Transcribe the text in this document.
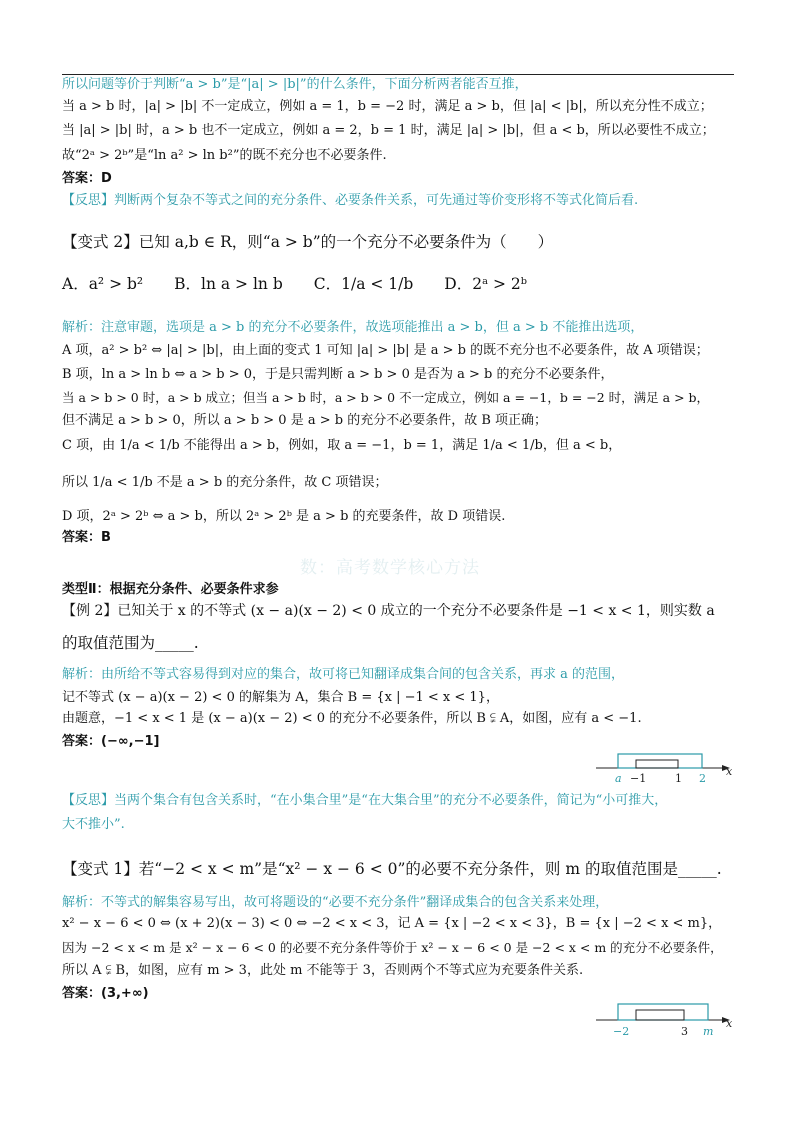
数：高考数学核心方法
所以问题等价于判断“a > b”是“|a| > |b|”的什么条件，下面分析两者能否互推，
当 a > b 时，|a| > |b| 不一定成立，例如 a = 1，b = −2 时，满足 a > b，但 |a| < |b|，所以充分性不成立；
当 |a| > |b| 时，a > b 也不一定成立，例如 a = 2，b = 1 时，满足 |a| > |b|，但 a < b，所以必要性不成立；
故“2ᵃ > 2ᵇ”是“ln a² > ln b²”的既不充分也不必要条件.
答案：D
【反思】判断两个复杂不等式之间的充分条件、必要条件关系，可先通过等价变形将不等式化简后看.
【变式 2】已知 a,b ∈ R，则“a > b”的一个充分不必要条件为（　　）
A．a² > b²　　B．ln a > ln b　　C．1/a < 1/b　　D．2ᵃ > 2ᵇ
解析：注意审题，选项是 a > b 的充分不必要条件，故选项能推出 a > b，但 a > b 不能推出选项，
A 项，a² > b² ⇔ |a| > |b|，由上面的变式 1 可知 |a| > |b| 是 a > b 的既不充分也不必要条件，故 A 项错误；
B 项，ln a > ln b ⇔ a > b > 0，于是只需判断 a > b > 0 是否为 a > b 的充分不必要条件，
当 a > b > 0 时，a > b 成立；但当 a > b 时，a > b > 0 不一定成立，例如 a = −1，b = −2 时，满足 a > b，
但不满足 a > b > 0，所以 a > b > 0 是 a > b 的充分不必要条件，故 B 项正确；
C 项，由 1/a < 1/b 不能得出 a > b，例如，取 a = −1，b = 1，满足 1/a < 1/b，但 a < b，
所以 1/a < 1/b 不是 a > b 的充分条件，故 C 项错误；
D 项，2ᵃ > 2ᵇ ⇔ a > b，所以 2ᵃ > 2ᵇ 是 a > b 的充要条件，故 D 项错误.
答案：B
类型Ⅱ：根据充分条件、必要条件求参
【例 2】已知关于 x 的不等式 (x − a)(x − 2) < 0 成立的一个充分不必要条件是 −1 < x < 1，则实数 a
的取值范围为_____.
解析：由所给不等式容易得到对应的集合，故可将已知翻译成集合间的包含关系，再求 a 的范围，
记不等式 (x − a)(x − 2) < 0 的解集为 A，集合 B = {x | −1 < x < 1}，
由题意，−1 < x < 1 是 (x − a)(x − 2) < 0 的充分不必要条件，所以 B ⫋ A，如图，应有 a < −1.
答案：(−∞,−1]
【反思】当两个集合有包含关系时，“在小集合里”是“在大集合里”的充分不必要条件，简记为“小可推大，
大不推小”.
【变式 1】若“−2 < x < m”是“x² − x − 6 < 0”的必要不充分条件，则 m 的取值范围是_____.
解析：不等式的解集容易写出，故可将题设的“必要不充分条件”翻译成集合的包含关系来处理，
x² − x − 6 < 0 ⇔ (x + 2)(x − 3) < 0 ⇔ −2 < x < 3，记 A = {x | −2 < x < 3}，B = {x | −2 < x < m}，
因为 −2 < x < m 是 x² − x − 6 < 0 的必要不充分条件等价于 x² − x − 6 < 0 是 −2 < x < m 的充分不必要条件，
所以 A ⫋ B，如图，应有 m > 3，此处 m 不能等于 3，否则两个不等式应为充要条件关系.
答案：(3,+∞)
a −1	1 2
x
−2	3 m
x
